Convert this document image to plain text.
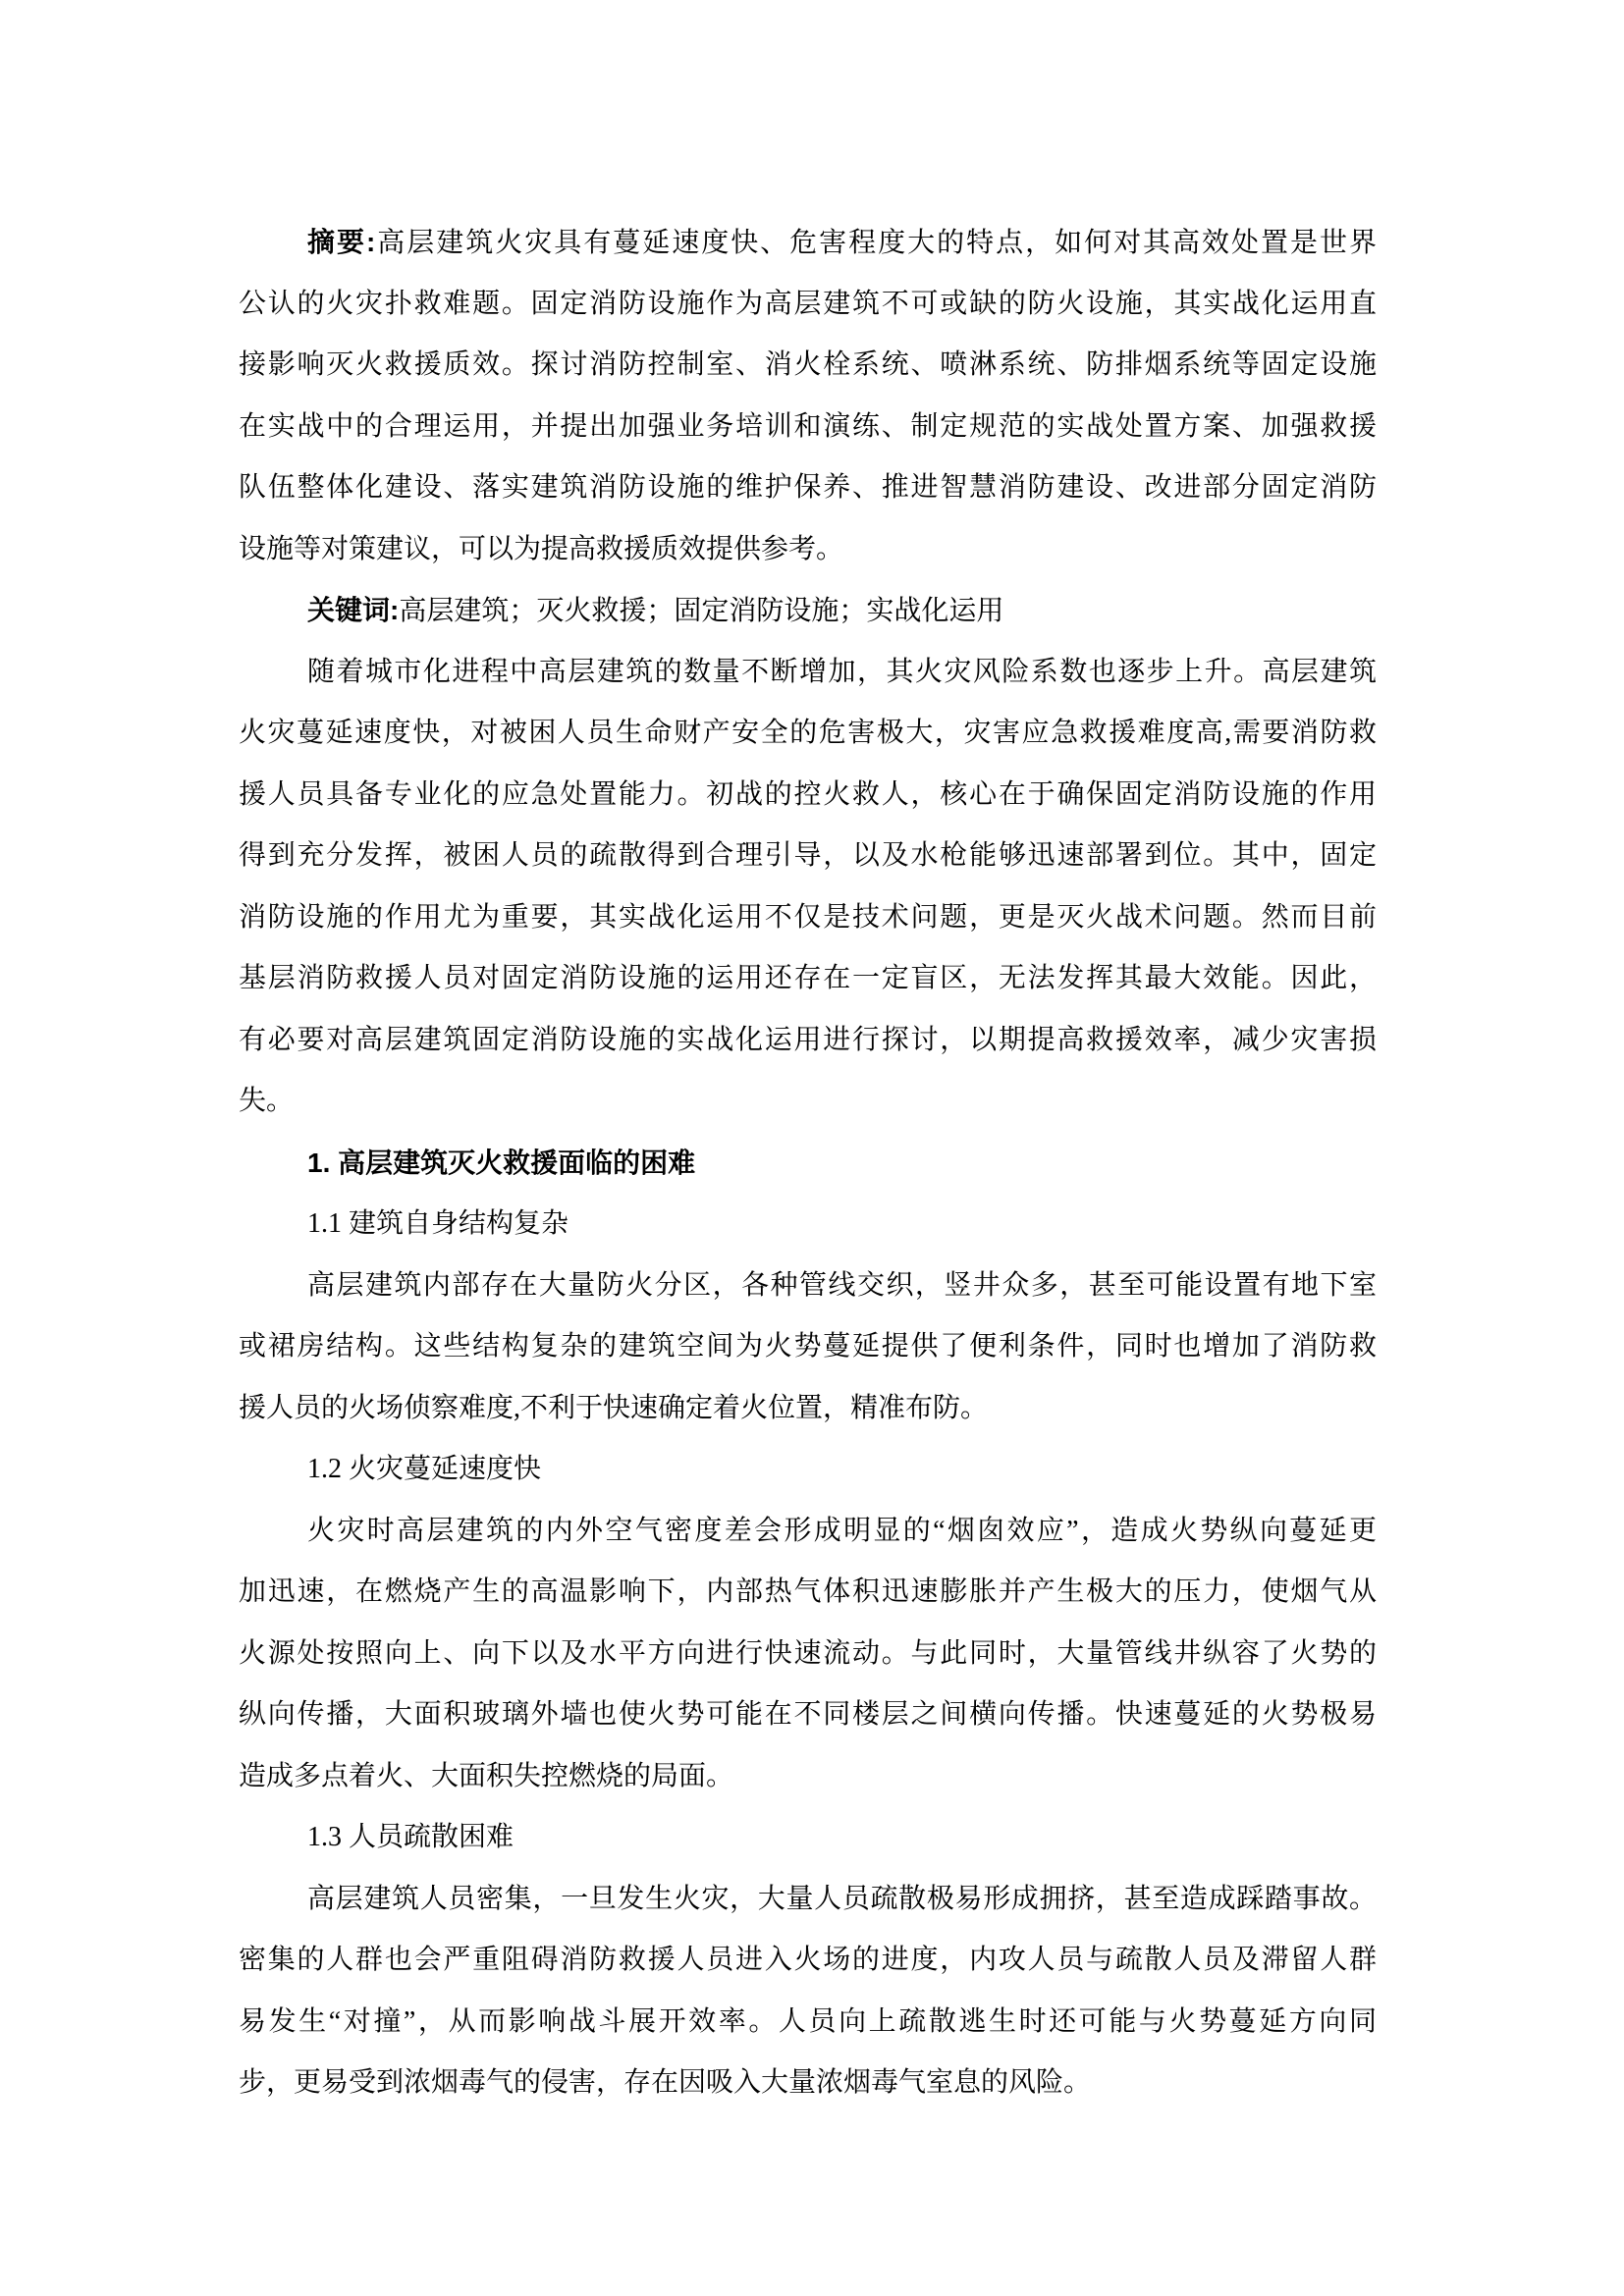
摘要:高层建筑火灾具有蔓延速度快、危害程度大的特点，如何对其高效处置是世界
公认的火灾扑救难题。固定消防设施作为高层建筑不可或缺的防火设施，其实战化运用直
接影响灭火救援质效。探讨消防控制室、消火栓系统、喷淋系统、防排烟系统等固定设施
在实战中的合理运用，并提出加强业务培训和演练、制定规范的实战处置方案、加强救援
队伍整体化建设、落实建筑消防设施的维护保养、推进智慧消防建设、改进部分固定消防
设施等对策建议，可以为提高救援质效提供参考。
关键词:高层建筑；灭火救援；固定消防设施；实战化运用
随着城市化进程中高层建筑的数量不断增加，其火灾风险系数也逐步上升。高层建筑
火灾蔓延速度快，对被困人员生命财产安全的危害极大，灾害应急救援难度高,需要消防救
援人员具备专业化的应急处置能力。初战的控火救人，核心在于确保固定消防设施的作用
得到充分发挥，被困人员的疏散得到合理引导，以及水枪能够迅速部署到位。其中，固定
消防设施的作用尤为重要，其实战化运用不仅是技术问题，更是灭火战术问题。然而目前
基层消防救援人员对固定消防设施的运用还存在一定盲区，无法发挥其最大效能。因此，
有必要对高层建筑固定消防设施的实战化运用进行探讨，以期提高救援效率，减少灾害损
失。
1. 高层建筑灭火救援面临的困难
1.1 建筑自身结构复杂
高层建筑内部存在大量防火分区，各种管线交织，竖井众多，甚至可能设置有地下室
或裙房结构。这些结构复杂的建筑空间为火势蔓延提供了便利条件，同时也增加了消防救
援人员的火场侦察难度,不利于快速确定着火位置，精准布防。
1.2 火灾蔓延速度快
火灾时高层建筑的内外空气密度差会形成明显的“烟囱效应”，造成火势纵向蔓延更
加迅速，在燃烧产生的高温影响下，内部热气体积迅速膨胀并产生极大的压力，使烟气从
火源处按照向上、向下以及水平方向进行快速流动。与此同时，大量管线井纵容了火势的
纵向传播，大面积玻璃外墙也使火势可能在不同楼层之间横向传播。快速蔓延的火势极易
造成多点着火、大面积失控燃烧的局面。
1.3 人员疏散困难
高层建筑人员密集，一旦发生火灾，大量人员疏散极易形成拥挤，甚至造成踩踏事故。
密集的人群也会严重阻碍消防救援人员进入火场的进度，内攻人员与疏散人员及滞留人群
易发生“对撞”，从而影响战斗展开效率。人员向上疏散逃生时还可能与火势蔓延方向同
步，更易受到浓烟毒气的侵害，存在因吸入大量浓烟毒气室息的风险。
